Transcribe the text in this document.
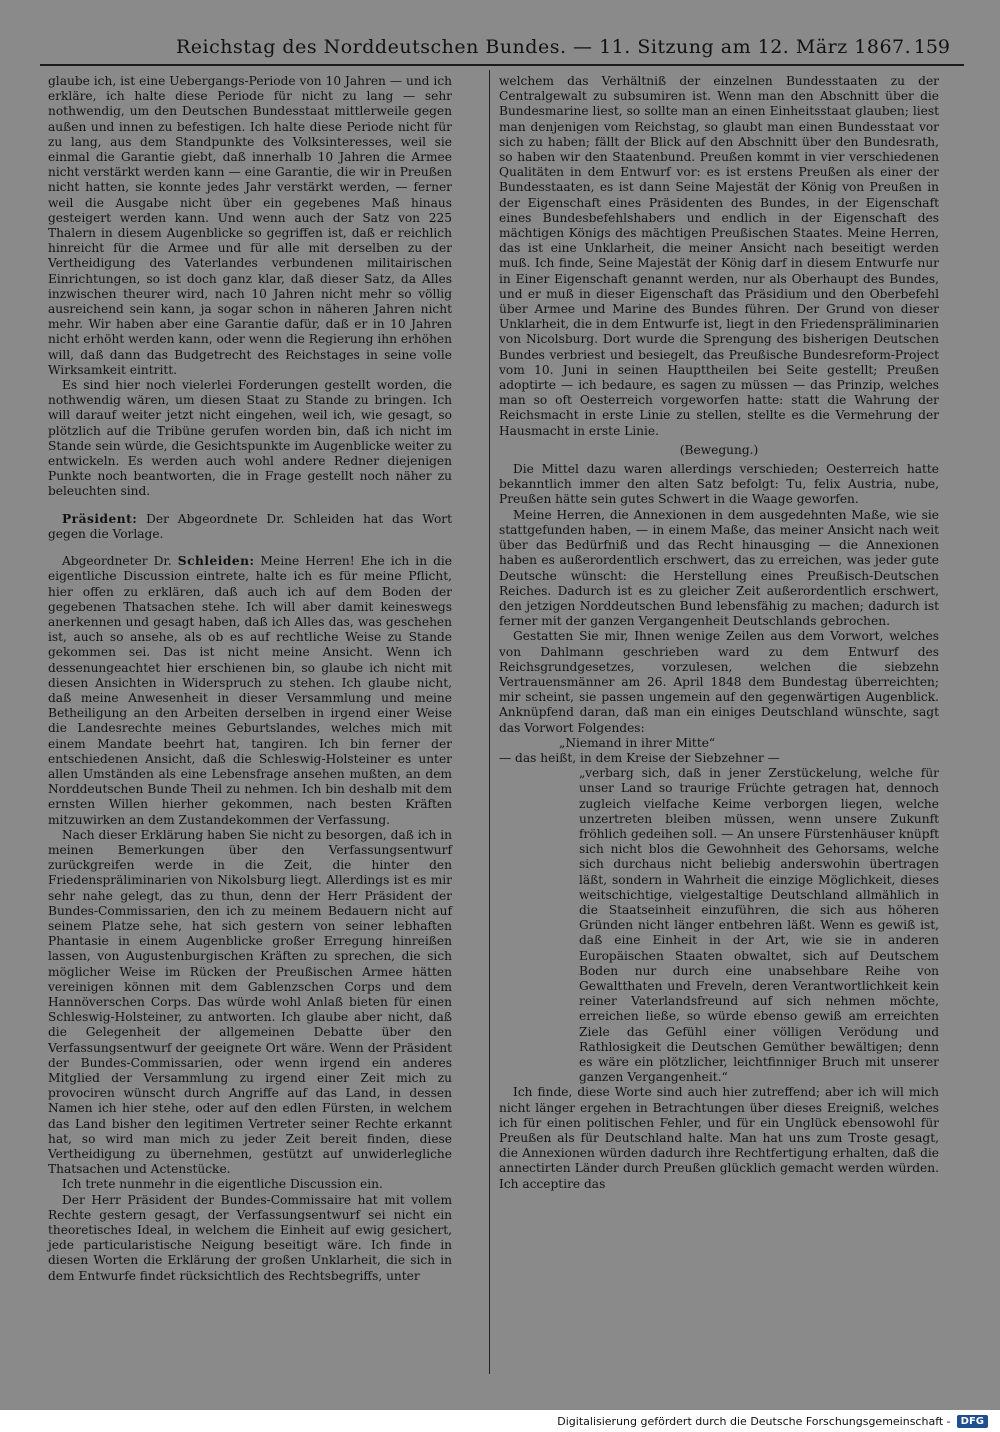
Reichstag des Norddeutschen Bundes. — 11. Sitzung am 12. März 1867. 159

glaube ich, ist eine Uebergangs-Periode von 10 Jahren — und ich erkläre, ich halte diese Periode für nicht zu lang — sehr nothwendig, um den Deutschen Bundesstaat mittlerweile gegen außen und innen zu befestigen. Ich halte diese Periode nicht für zu lang, aus dem Standpunkte des Volksinteresses, weil sie einmal die Garantie giebt, daß innerhalb 10 Jahren die Armee nicht verstärkt werden kann — eine Garantie, die wir in Preußen nicht hatten, sie konnte jedes Jahr verstärkt werden, — ferner weil die Ausgabe nicht über ein gegebenes Maß hinaus gesteigert werden kann. Und wenn auch der Satz von 225 Thalern in diesem Augenblicke so gegriffen ist, daß er reichlich hinreicht für die Armee und für alle mit derselben zu der Vertheidigung des Vaterlandes verbundenen militairischen Einrichtungen, so ist doch ganz klar, daß dieser Satz, da Alles inzwischen theurer wird, nach 10 Jahren nicht mehr so völlig ausreichend sein kann, ja sogar schon in näheren Jahren nicht mehr. Wir haben aber eine Garantie dafür, daß er in 10 Jahren nicht erhöht werden kann, oder wenn die Regierung ihn erhöhen will, daß dann das Budgetrecht des Reichstages in seine volle Wirksamkeit eintritt.

Es sind hier noch vielerlei Forderungen gestellt worden, die nothwendig wären, um diesen Staat zu Stande zu bringen. Ich will darauf weiter jetzt nicht eingehen, weil ich, wie gesagt, so plötzlich auf die Tribüne gerufen worden bin, daß ich nicht im Stande sein würde, die Gesichtspunkte im Augenblicke weiter zu entwickeln. Es werden auch wohl andere Redner diejenigen Punkte noch beantworten, die in Frage gestellt noch näher zu beleuchten sind.

Präsident: Der Abgeordnete Dr. Schleiden hat das Wort gegen die Vorlage.

Abgeordneter Dr. Schleiden: Meine Herren! Ehe ich in die eigentliche Discussion eintrete, halte ich es für meine Pflicht, hier offen zu erklären, daß auch ich auf dem Boden der gegebenen Thatsachen stehe. Ich will aber damit keineswegs anerkennen und gesagt haben, daß ich Alles das, was geschehen ist, auch so ansehe, als ob es auf rechtliche Weise zu Stande gekommen sei. Das ist nicht meine Ansicht. Wenn ich dessenungeachtet hier erschienen bin, so glaube ich nicht mit diesen Ansichten in Widerspruch zu stehen. Ich glaube nicht, daß meine Anwesenheit in dieser Versammlung und meine Betheiligung an den Arbeiten derselben in irgend einer Weise die Landesrechte meines Geburtslandes, welches mich mit einem Mandate beehrt hat, tangiren. Ich bin ferner der entschiedenen Ansicht, daß die Schleswig-Holsteiner es unter allen Umständen als eine Lebensfrage ansehen mußten, an dem Norddeutschen Bunde Theil zu nehmen. Ich bin deshalb mit dem ernsten Willen hierher gekommen, nach besten Kräften mitzuwirken an dem Zustandekommen der Verfassung.

Nach dieser Erklärung haben Sie nicht zu besorgen, daß ich in meinen Bemerkungen über den Verfassungsentwurf zurückgreifen werde in die Zeit, die hinter den Friedenspräliminarien von Nikolsburg liegt. Allerdings ist es mir sehr nahe gelegt, das zu thun, denn der Herr Präsident der Bundes-Commissarien, den ich zu meinem Bedauern nicht auf seinem Platze sehe, hat sich gestern von seiner lebhaften Phantasie in einem Augenblicke großer Erregung hinreißen lassen, von Augustenburgischen Kräften zu sprechen, die sich möglicher Weise im Rücken der Preußischen Armee hätten vereinigen können mit dem Gablenzschen Corps und dem Hannöverschen Corps. Das würde wohl Anlaß bieten für einen Schleswig-Holsteiner, zu antworten. Ich glaube aber nicht, daß die Gelegenheit der allgemeinen Debatte über den Verfassungsentwurf der geeignete Ort wäre. Wenn der Präsident der Bundes-Commissarien, oder wenn irgend ein anderes Mitglied der Versammlung zu irgend einer Zeit mich zu provociren wünscht durch Angriffe auf das Land, in dessen Namen ich hier stehe, oder auf den edlen Fürsten, in welchem das Land bisher den legitimen Vertreter seiner Rechte erkannt hat, so wird man mich zu jeder Zeit bereit finden, diese Vertheidigung zu übernehmen, gestützt auf unwiderlegliche Thatsachen und Actenstücke.

Ich trete nunmehr in die eigentliche Discussion ein.

Der Herr Präsident der Bundes-Commissaire hat mit vollem Rechte gestern gesagt, der Verfassungsentwurf sei nicht ein theoretisches Ideal, in welchem die Einheit auf ewig gesichert, jede particularistische Neigung beseitigt wäre. Ich finde in diesen Worten die Erklärung der großen Unklarheit, die sich in dem Entwurfe findet rücksichtlich des Rechtsbegriffs, unter

welchem das Verhältniß der einzelnen Bundesstaaten zu der Centralgewalt zu subsumiren ist. Wenn man den Abschnitt über die Bundesmarine liest, so sollte man an einen Einheitsstaat glauben; liest man denjenigen vom Reichstag, so glaubt man einen Bundesstaat vor sich zu haben; fällt der Blick auf den Abschnitt über den Bundesrath, so haben wir den Staatenbund. Preußen kommt in vier verschiedenen Qualitäten in dem Entwurf vor: es ist erstens Preußen als einer der Bundesstaaten, es ist dann Seine Majestät der König von Preußen in der Eigenschaft eines Präsidenten des Bundes, in der Eigenschaft eines Bundesbefehlshabers und endlich in der Eigenschaft des mächtigen Königs des mächtigen Preußischen Staates. Meine Herren, das ist eine Unklarheit, die meiner Ansicht nach beseitigt werden muß. Ich finde, Seine Majestät der König darf in diesem Entwurfe nur in Einer Eigenschaft genannt werden, nur als Oberhaupt des Bundes, und er muß in dieser Eigenschaft das Präsidium und den Oberbefehl über Armee und Marine des Bundes führen. Der Grund von dieser Unklarheit, die in dem Entwurfe ist, liegt in den Friedenspräliminarien von Nicolsburg. Dort wurde die Sprengung des bisherigen Deutschen Bundes verbriest und besiegelt, das Preußische Bundesreform-Project vom 10. Juni in seinen Haupttheilen bei Seite gestellt; Preußen adoptirte — ich bedaure, es sagen zu müssen — das Prinzip, welches man so oft Oesterreich vorgeworfen hatte: statt die Wahrung der Reichsmacht in erste Linie zu stellen, stellte es die Vermehrung der Hausmacht in erste Linie.

(Bewegung.)

Die Mittel dazu waren allerdings verschieden; Oesterreich hatte bekanntlich immer den alten Satz befolgt: Tu, felix Austria, nube, Preußen hätte sein gutes Schwert in die Waage geworfen.

Meine Herren, die Annexionen in dem ausgedehnten Maße, wie sie stattgefunden haben, — in einem Maße, das meiner Ansicht nach weit über das Bedürfniß und das Recht hinausging — die Annexionen haben es außerordentlich erschwert, das zu erreichen, was jeder gute Deutsche wünscht: die Herstellung eines Preußisch-Deutschen Reiches. Dadurch ist es zu gleicher Zeit außerordentlich erschwert, den jetzigen Norddeutschen Bund lebensfähig zu machen; dadurch ist ferner mit der ganzen Vergangenheit Deutschlands gebrochen.

Gestatten Sie mir, Ihnen wenige Zeilen aus dem Vorwort, welches von Dahlmann geschrieben ward zu dem Entwurf des Reichsgrundgesetzes, vorzulesen, welchen die siebzehn Vertrauensmänner am 26. April 1848 dem Bundestag überreichten; mir scheint, sie passen ungemein auf den gegenwärtigen Augenblick. Anknüpfend daran, daß man ein einiges Deutschland wünschte, sagt das Vorwort Folgendes:

„Niemand in ihrer Mitte“

— das heißt, in dem Kreise der Siebzehner —

„verbarg sich, daß in jener Zerstückelung, welche für unser Land so traurige Früchte getragen hat, dennoch zugleich vielfache Keime verborgen liegen, welche unzertreten bleiben müssen, wenn unsere Zukunft fröhlich gedeihen soll. — An unsere Fürstenhäuser knüpft sich nicht blos die Gewohnheit des Gehorsams, welche sich durchaus nicht beliebig anderswohin übertragen läßt, sondern in Wahrheit die einzige Möglichkeit, dieses weitschichtige, vielgestaltige Deutschland allmählich in die Staatseinheit einzuführen, die sich aus höheren Gründen nicht länger entbehren läßt. Wenn es gewiß ist, daß eine Einheit in der Art, wie sie in anderen Europäischen Staaten obwaltet, sich auf Deutschem Boden nur durch eine unabsehbare Reihe von Gewaltthaten und Freveln, deren Verantwortlichkeit kein reiner Vaterlandsfreund auf sich nehmen möchte, erreichen ließe, so würde ebenso gewiß am erreichten Ziele das Gefühl einer völligen Verödung und Rathlosigkeit die Deutschen Gemüther bewältigen; denn es wäre ein plötzlicher, leichtfinniger Bruch mit unserer ganzen Vergangenheit.“

Ich finde, diese Worte sind auch hier zutreffend; aber ich will mich nicht länger ergehen in Betrachtungen über dieses Ereigniß, welches ich für einen politischen Fehler, und für ein Unglück ebensowohl für Preußen als für Deutschland halte. Man hat uns zum Troste gesagt, die Annexionen würden dadurch ihre Rechtfertigung erhalten, daß die annectirten Länder durch Preußen glücklich gemacht werden würden. Ich acceptire das

Digitalisierung gefördert durch die Deutsche Forschungsgemeinschaft -	DFG
